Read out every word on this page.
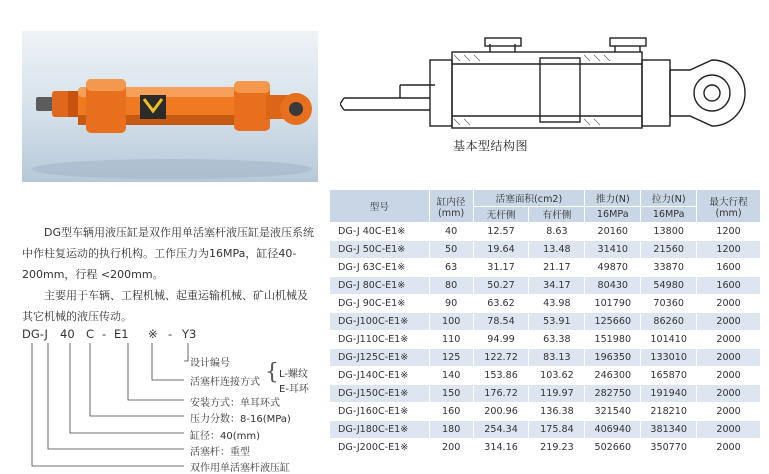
基本型结构图

DG型车辆用液压缸是双作用单活塞杆液压缸是液压系统中作柱复运动的执行机构。工作压力为16MPa，缸径40-200mm，行程 <200mm。

主要用于车辆、工程机械、起重运输机械、矿山机械及其它机械的液压传动。

DG-J 40 C - E1 ※ - Y3
设计编号
活塞杆连接方式 { L-螺纹
E-耳环
安装方式：单耳环式
压力分数：8-16(MPa)
缸径：40(mm)
活塞杆：重型
双作用单活塞杆液压缸
型号	缸内径
(mm)	活塞面积(cm2)		推力(N)	拉力(N)	最大行程
(mm)
		无杆侧	有杆侧	16MPa	16MPa	
DG-J 40C-E1※	40	12.57	8.63	20160	13800	1200
DG-J 50C-E1※	50	19.64	13.48	31410	21560	1200
DG-J 63C-E1※	63	31.17	21.17	49870	33870	1600
DG-J 80C-E1※	80	50.27	34.17	80430	54980	1600
DG-J 90C-E1※	90	63.62	43.98	101790	70360	2000
DG-J100C-E1※	100	78.54	53.91	125660	86260	2000
DG-J110C-E1※	110	94.99	63.38	151980	101410	2000
DG-J125C-E1※	125	122.72	83.13	196350	133010	2000
DG-J140C-E1※	140	153.86	103.62	246300	165870	2000
DG-J150C-E1※	150	176.72	119.97	282750	191940	2000
DG-J160C-E1※	160	200.96	136.38	321540	218210	2000
DG-J180C-E1※	180	254.34	175.84	406940	381340	2000
DG-J200C-E1※	200	314.16	219.23	502660	350770	2000
